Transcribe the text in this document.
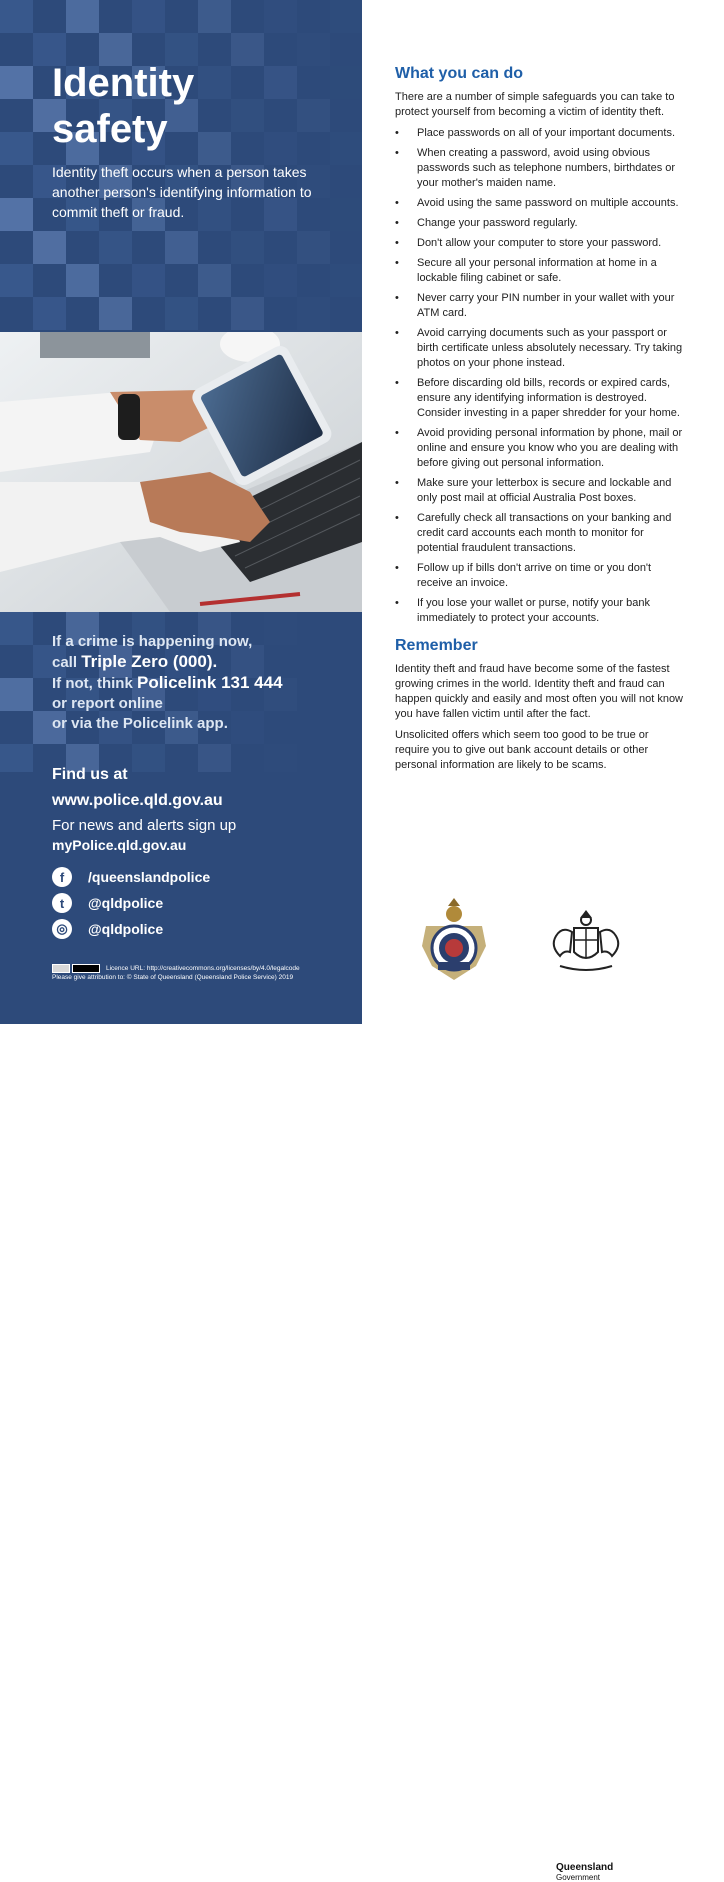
Identity
safety

Identity theft occurs when a person takes another person's identifying information to commit theft or fraud.

If a crime is happening now,
call Triple Zero (000).
If not, think Policelink 131 444
or report online
or via the Policelink app.
Find us at
www.police.qld.gov.au
For news and alerts sign up
myPolice.qld.gov.au
f	/queenslandpolice
t	@qldpolice
◎	@qldpolice
Licence URL: http://creativecommons.org/licenses/by/4.0/legalcode
Please give attribution to: © State of Queensland (Queensland Police Service) 2019
What you can do

There are a number of simple safeguards you can take to protect yourself from becoming a victim of identity theft.

• Place passwords on all of your important documents.
• When creating a password, avoid using obvious passwords such as telephone numbers, birthdates or your mother's maiden name.
• Avoid using the same password on multiple accounts.
• Change your password regularly.
• Don't allow your computer to store your password.
• Secure all your personal information at home in a lockable filing cabinet or safe.
• Never carry your PIN number in your wallet with your ATM card.
• Avoid carrying documents such as your passport or birth certificate unless absolutely necessary. Try taking photos on your phone instead.
• Before discarding old bills, records or expired cards, ensure any identifying information is destroyed. Consider investing in a paper shredder for your home.
• Avoid providing personal information by phone, mail or online and ensure you know who you are dealing with before giving out personal information.
• Make sure your letterbox is secure and lockable and only post mail at official Australia Post boxes.
• Carefully check all transactions on your banking and credit card accounts each month to monitor for potential fraudulent transactions.
• Follow up if bills don't arrive on time or you don't receive an invoice.
• If you lose your wallet or purse, notify your bank immediately to protect your accounts.
Remember

Identity theft and fraud have become some of the fastest growing crimes in the world. Identity theft and fraud can happen quickly and easily and most often you will not know you have fallen victim until after the fact.

Unsolicited offers which seem too good to be true or require you to give out bank account details or other personal information are likely to be scams.

Queensland
Government
